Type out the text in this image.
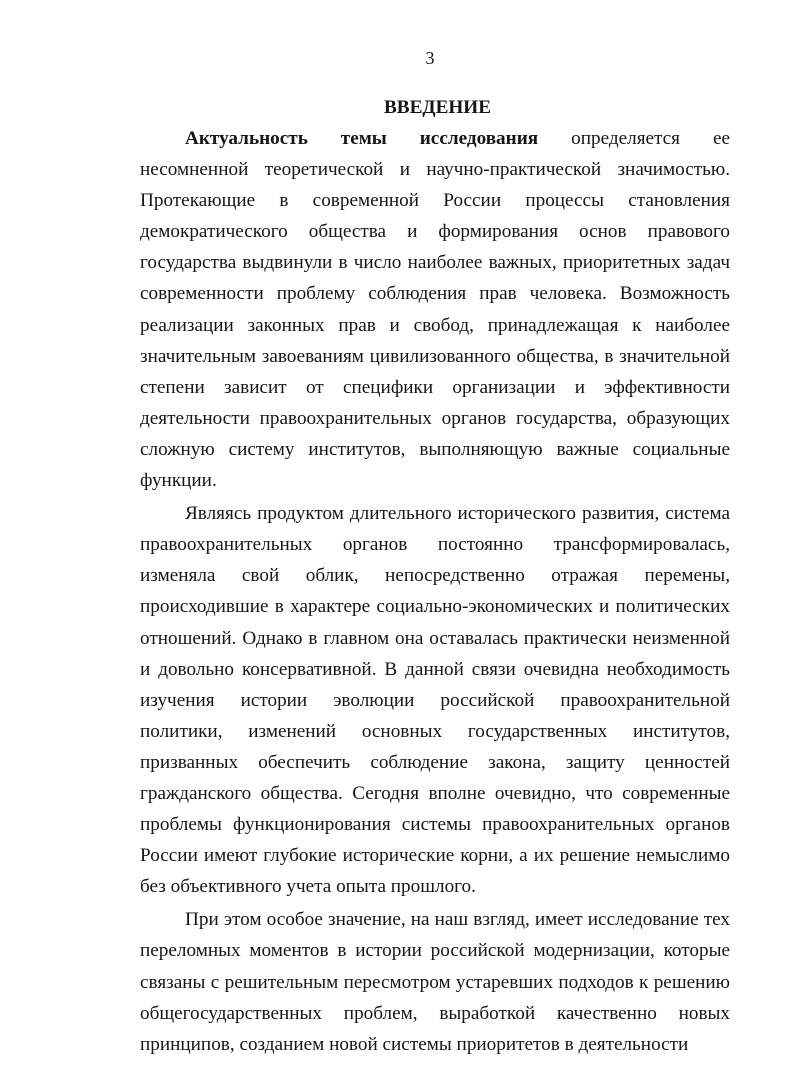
3
ВВЕДЕНИЕ

Актуальность темы исследования определяется ее несомненной теоретической и научно-практической значимостью. Протекающие в современной России процессы становления демократического общества и формирования основ правового государства выдвинули в число наиболее важных, приоритетных задач современности проблему соблюдения прав человека. Возможность реализации законных прав и свобод, принадлежащая к наиболее значительным завоеваниям цивилизованного общества, в значительной степени зависит от специфики организации и эффективности деятельности правоохранительных органов государства, образующих сложную систему институтов, выполняющую важные социальные функции.

Являясь продуктом длительного исторического развития, система правоохранительных органов постоянно трансформировалась, изменяла свой облик, непосредственно отражая перемены, происходившие в характере социально-экономических и политических отношений. Однако в главном она оставалась практически неизменной и довольно консервативной. В данной связи очевидна необходимость изучения истории эволюции российской правоохранительной политики, изменений основных государственных институтов, призванных обеспечить соблюдение закона, защиту ценностей гражданского общества. Сегодня вполне очевидно, что современные проблемы функционирования системы правоохранительных органов России имеют глубокие исторические корни, а их решение немыслимо без объективного учета опыта прошлого.

При этом особое значение, на наш взгляд, имеет исследование тех переломных моментов в истории российской модернизации, которые связаны с решительным пересмотром устаревших подходов к решению общегосударственных проблем, выработкой качественно новых принципов, созданием новой системы приоритетов в деятельности
